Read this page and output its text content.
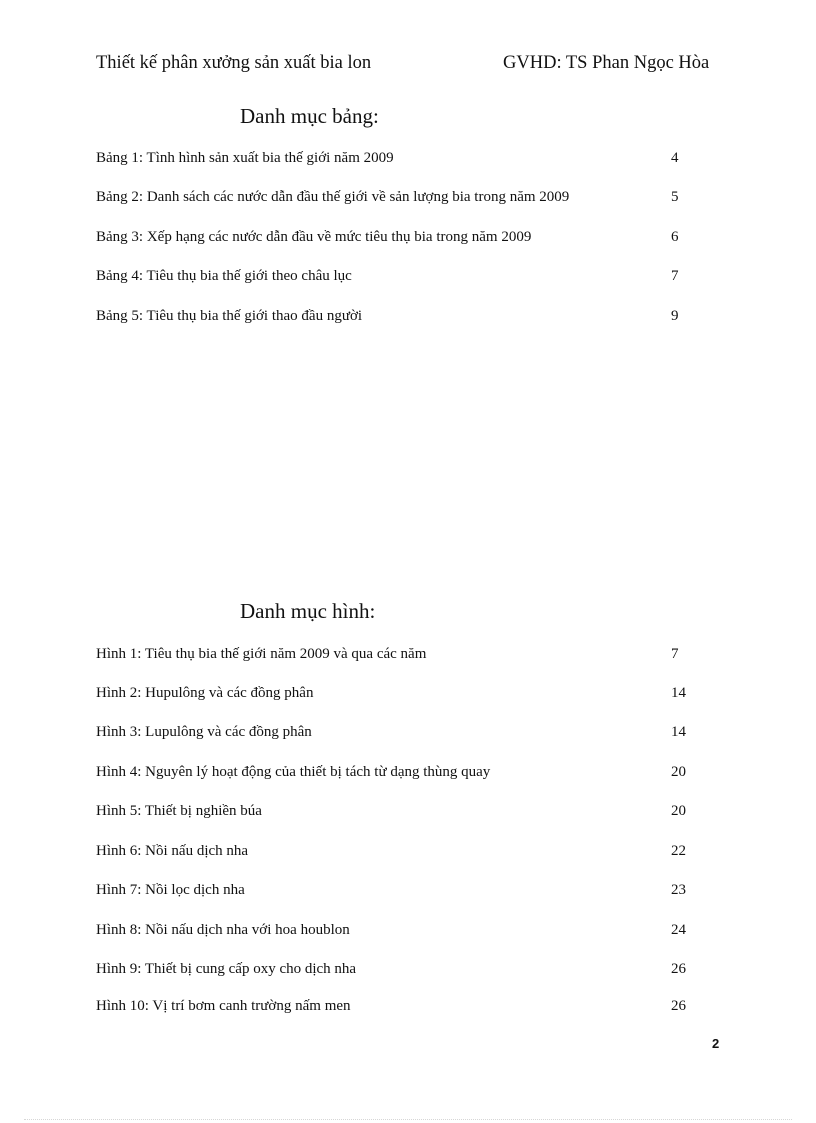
Thiết kế phân xưởng sản xuất bia lon	GVHD: TS Phan Ngọc Hòa
Danh mục bảng:
Bảng 1: Tình hình sản xuất bia thế giới năm 2009	4
Bảng 2: Danh sách các nước dẫn đầu thế giới về sản lượng bia trong năm 2009	5
Bảng 3: Xếp hạng các nước dẫn đầu về mức tiêu thụ bia trong năm 2009	6
Bảng 4: Tiêu thụ bia thế giới theo châu lục	7
Bảng 5: Tiêu thụ bia thế giới thao đầu người	9
Danh mục hình:
Hình 1: Tiêu thụ bia thế giới năm 2009 và qua các năm	7
Hình 2: Hupulông và các đồng phân	14
Hình 3: Lupulông và các đồng phân	14
Hình 4: Nguyên lý hoạt động của thiết bị tách từ dạng thùng quay	20
Hình 5: Thiết bị nghiền búa	20
Hình 6: Nồi nấu dịch nha	22
Hình 7: Nồi lọc dịch nha	23
Hình 8: Nồi nấu dịch nha với hoa houblon	24
Hình 9: Thiết bị cung cấp oxy cho dịch nha	26
Hình 10: Vị trí bơm canh trường nấm men	26
2
